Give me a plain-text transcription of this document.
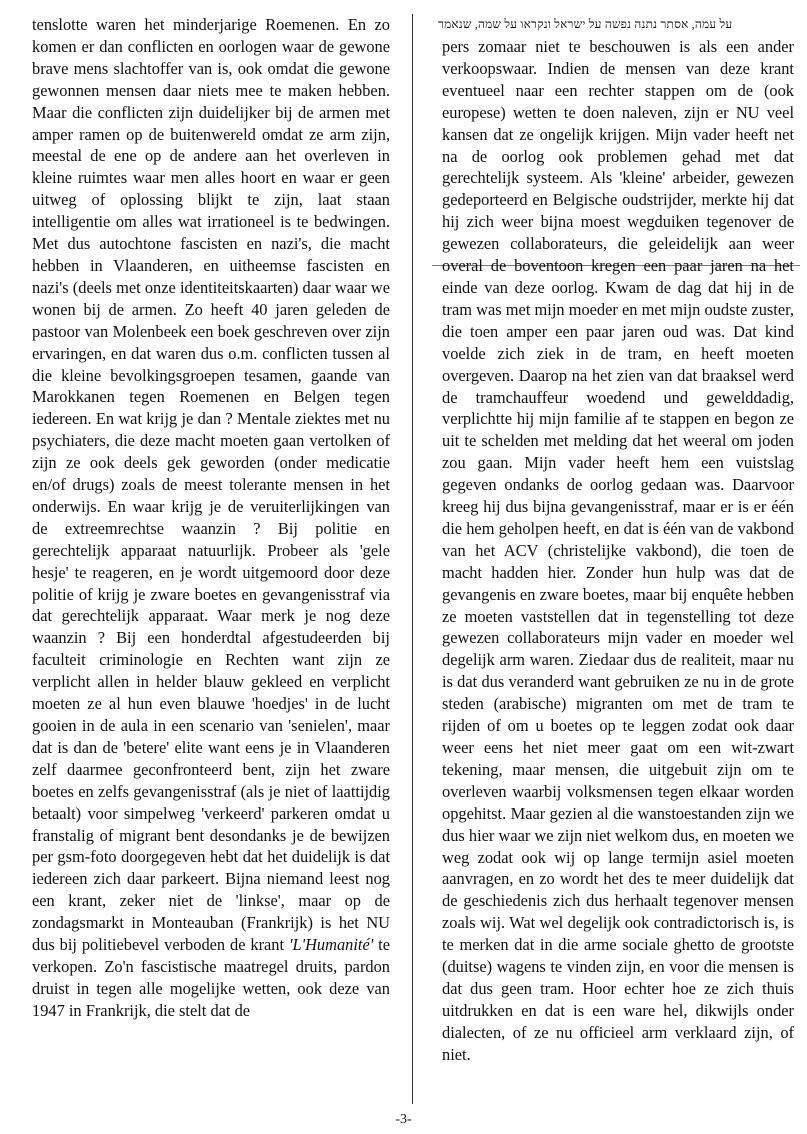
על עמה, אסתר נתנה נפשה על ישראל ונקראו על שמה, שנאמר
tenslotte waren het minderjarige Roemenen. En zo komen er dan conflicten en oorlogen waar de gewone brave mens slachtoffer van is, ook omdat die gewone gewonnen mensen daar niets mee te maken hebben. Maar die conflicten zijn duidelijker bij de armen met amper ramen op de buitenwereld omdat ze arm zijn, meestal de ene op de andere aan het overleven in kleine ruimtes waar men alles hoort en waar er geen uitweg of oplossing blijkt te zijn, laat staan intelligentie om alles wat irrationeel is te bedwingen. Met dus autochtone fascisten en nazi's, die macht hebben in Vlaanderen, en uitheemse fascisten en nazi's (deels met onze identiteitskaarten) daar waar we wonen bij de armen. Zo heeft 40 jaren geleden de pastoor van Molenbeek een boek geschreven over zijn ervaringen, en dat waren dus o.m. conflicten tussen al die kleine bevolkingsgroepen tesamen, gaande van Marokkanen tegen Roemenen en Belgen tegen iedereen. En wat krijg je dan ? Mentale ziektes met nu psychiaters, die deze macht moeten gaan vertolken of zijn ze ook deels gek geworden (onder medicatie en/of drugs) zoals de meest tolerante mensen in het onderwijs. En waar krijg je de veruiterlijkingen van de extreemrechtse waanzin ? Bij politie en gerechtelijk apparaat natuurlijk. Probeer als 'gele hesje' te reageren, en je wordt uitgemoord door deze politie of krijg je zware boetes en gevangenisstraf via dat gerechtelijk apparaat. Waar merk je nog deze waanzin ? Bij een honderdtal afgestudeerden bij faculteit criminologie en Rechten want zijn ze verplicht allen in helder blauw gekleed en verplicht moeten ze al hun even blauwe 'hoedjes' in de lucht gooien in de aula in een scenario van 'senielen', maar dat is dan de 'betere' elite want eens je in Vlaanderen zelf daarmee geconfronteerd bent, zijn het zware boetes en zelfs gevangenisstraf (als je niet of laattijdig betaalt) voor simpelweg 'verkeerd' parkeren omdat u franstalig of migrant bent desondanks je de bewijzen per gsm-foto doorgegeven hebt dat het duidelijk is dat iedereen zich daar parkeert. Bijna niemand leest nog een krant, zeker niet de 'linkse', maar op de zondagsmarkt in Monteauban (Frankrijk) is het NU dus bij politiebevel verboden de krant 'L'Humanité' te verkopen. Zo'n fascistische maatregel druits, pardon druist in tegen alle mogelijke wetten, ook deze van 1947 in Frankrijk, die stelt dat de
pers zomaar niet te beschouwen is als een ander verkoopswaar. Indien de mensen van deze krant eventueel naar een rechter stappen om de (ook europese) wetten te doen naleven, zijn er NU veel kansen dat ze ongelijk krijgen. Mijn vader heeft net na de oorlog ook problemen gehad met dat gerechtelijk systeem. Als 'kleine' arbeider, gewezen gedeporteerd en Belgische oudstrijder, merkte hij dat hij zich weer bijna moest wegduiken tegenover de gewezen collaborateurs, die geleidelijk aan weer overal de boventoon kregen een paar jaren na het einde van deze oorlog. Kwam de dag dat hij in de tram was met mijn moeder en met mijn oudste zuster, die toen amper een paar jaren oud was. Dat kind voelde zich ziek in de tram, en heeft moeten overgeven. Daarop na het zien van dat braaksel werd de tramchauffeur woedend und gewelddadig, verplichtte hij mijn familie af te stappen en begon ze uit te schelden met melding dat het weeral om joden zou gaan. Mijn vader heeft hem een vuistslag gegeven ondanks de oorlog gedaan was. Daarvoor kreeg hij dus bijna gevangenisstraf, maar er is er één die hem geholpen heeft, en dat is één van de vakbond van het ACV (christelijke vakbond), die toen de macht hadden hier. Zonder hun hulp was dat de gevangenis en zware boetes, maar bij enquête hebben ze moeten vaststellen dat in tegenstelling tot deze gewezen collaborateurs mijn vader en moeder wel degelijk arm waren. Ziedaar dus de realiteit, maar nu is dat dus veranderd want gebruiken ze nu in de grote steden (arabische) migranten om met de tram te rijden of om u boetes op te leggen zodat ook daar weer eens het niet meer gaat om een wit-zwart tekening, maar mensen, die uitgebuit zijn om te overleven waarbij volksmensen tegen elkaar worden opgehitst. Maar gezien al die wanstoestanden zijn we dus hier waar we zijn niet welkom dus, en moeten we weg zodat ook wij op lange termijn asiel moeten aanvragen, en zo wordt het des te meer duidelijk dat de geschiedenis zich dus herhaalt tegenover mensen zoals wij. Wat wel degelijk ook contradictorisch is, is te merken dat in die arme sociale ghetto de grootste (duitse) wagens te vinden zijn, en voor die mensen is dat dus geen tram. Hoor echter hoe ze zich thuis uitdrukken en dat is een ware hel, dikwijls onder dialecten, of ze nu officieel arm verklaard zijn, of niet.
-3-
